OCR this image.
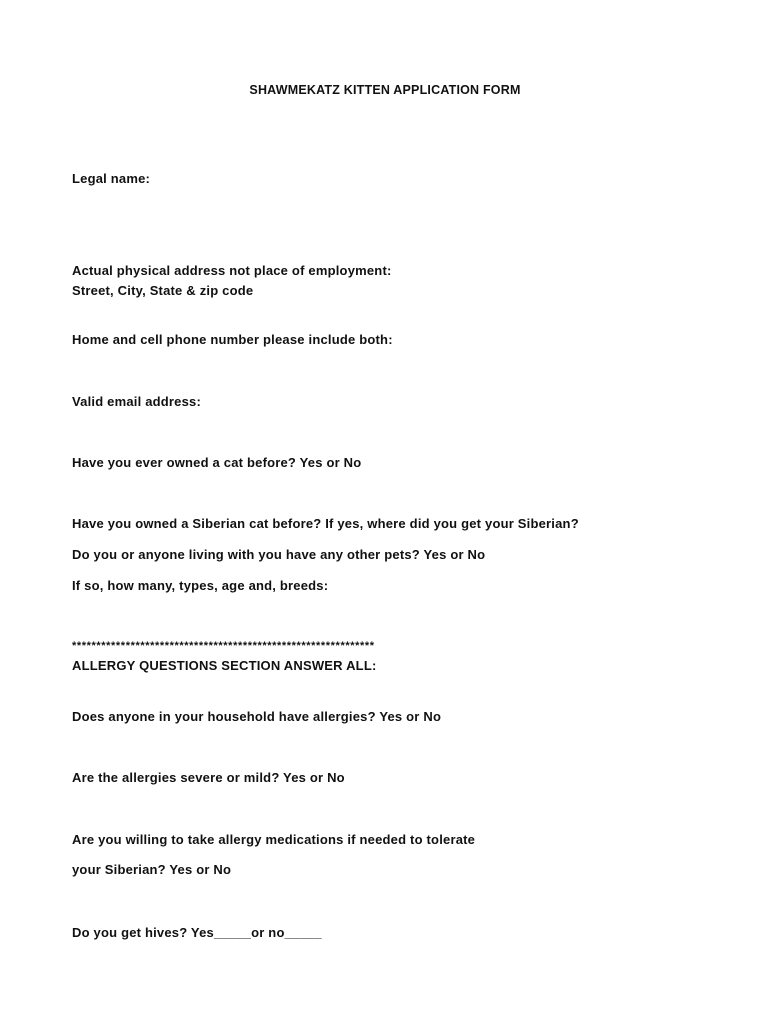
SHAWMEKATZ KITTEN APPLICATION FORM
Legal name:
Actual physical address not place of employment:
Street, City, State & zip code
Home and cell phone number please include both:
Valid email address:
Have you ever owned a cat before? Yes or No
Have you owned a Siberian cat before? If yes, where did you get your Siberian?
Do you or anyone living with you have any other pets? Yes or No
If so, how many, types, age and, breeds:
**************************************************************
ALLERGY QUESTIONS SECTION ANSWER ALL:
Does anyone in your household have allergies? Yes or No
Are the allergies severe or mild? Yes or No
Are you willing to take allergy medications if needed to tolerate
your Siberian? Yes or No
Do you get hives? Yes_____or no_____
